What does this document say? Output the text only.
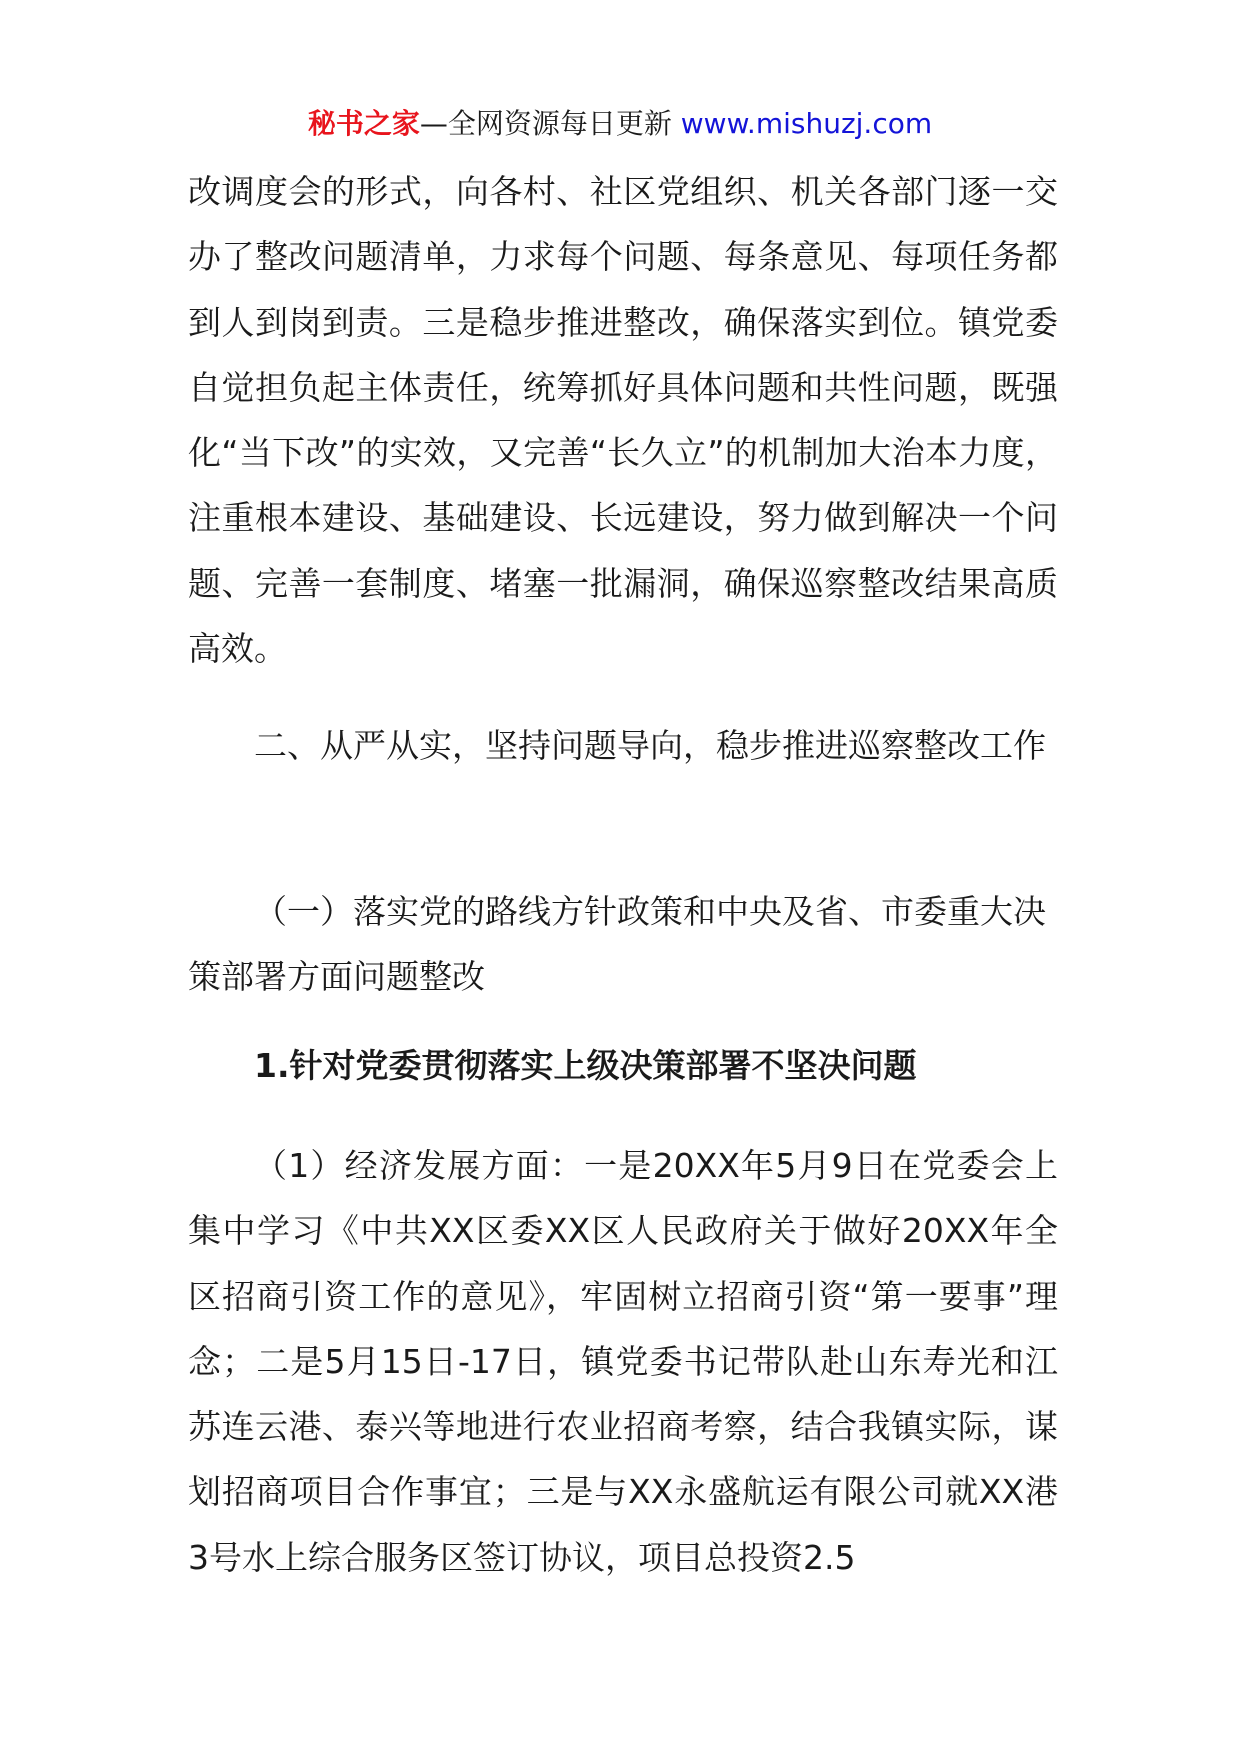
秘书之家—全网资源每日更新 www.mishuzj.com

改调度会的形式，向各村、社区党组织、机关各部门逐一交办了整改问题清单，力求每个问题、每条意见、每项任务都到人到岗到责。三是稳步推进整改，确保落实到位。镇党委自觉担负起主体责任，统筹抓好具体问题和共性问题，既强化“当下改”的实效，又完善“长久立”的机制加大治本力度，注重根本建设、基础建设、长远建设，努力做到解决一个问题、完善一套制度、堵塞一批漏洞，确保巡察整改结果高质高效。

二、从严从实，坚持问题导向，稳步推进巡察整改工作

（一）落实党的路线方针政策和中央及省、市委重大决策部署方面问题整改

1.针对党委贯彻落实上级决策部署不坚决问题

（1）经济发展方面：一是20XX年5月9日在党委会上集中学习《中共XX区委XX区人民政府关于做好20XX年全区招商引资工作的意见》，牢固树立招商引资“第一要事”理念；二是5月15日-17日，镇党委书记带队赴山东寿光和江苏连云港、泰兴等地进行农业招商考察，结合我镇实际，谋划招商项目合作事宜；三是与XX永盛航运有限公司就XX港3号水上综合服务区签订协议，项目总投资2.5
